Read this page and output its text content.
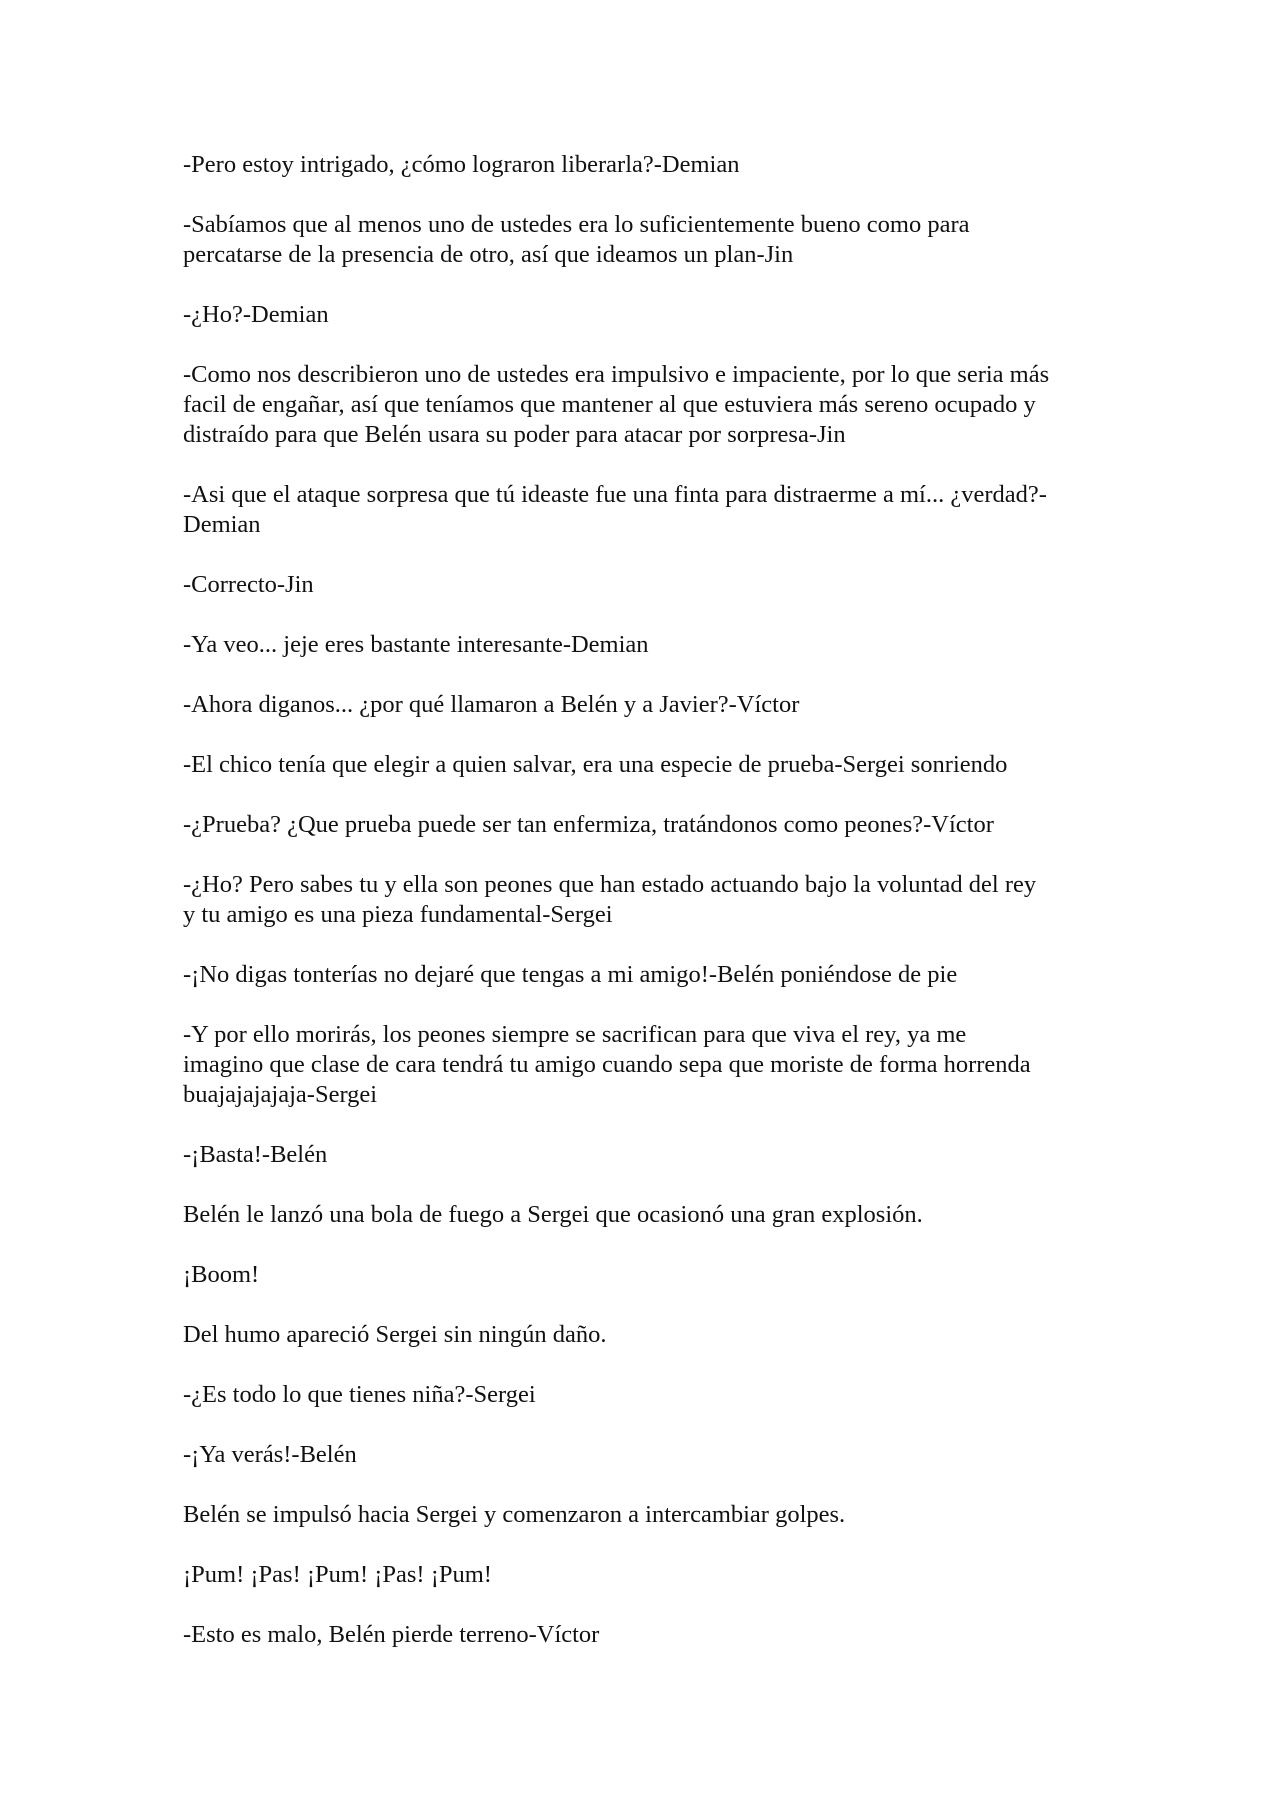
-Pero estoy intrigado, ¿cómo lograron liberarla?-Demian

-Sabíamos que al menos uno de ustedes era lo suficientemente bueno como para
percatarse de la presencia de otro, así que ideamos un plan-Jin

-¿Ho?-Demian

-Como nos describieron uno de ustedes era impulsivo e impaciente, por lo que seria más
facil de engañar, así que teníamos que mantener al que estuviera más sereno ocupado y
distraído para que Belén usara su poder para atacar por sorpresa-Jin

-Asi que el ataque sorpresa que tú ideaste fue una finta para distraerme a mí... ¿verdad?-
Demian

-Correcto-Jin

-Ya veo... jeje eres bastante interesante-Demian

-Ahora diganos... ¿por qué llamaron a Belén y a Javier?-Víctor

-El chico tenía que elegir a quien salvar, era una especie de prueba-Sergei sonriendo

-¿Prueba? ¿Que prueba puede ser tan enfermiza, tratándonos como peones?-Víctor

-¿Ho? Pero sabes tu y ella son peones que han estado actuando bajo la voluntad del rey
y tu amigo es una pieza fundamental-Sergei

-¡No digas tonterías no dejaré que tengas a mi amigo!-Belén poniéndose de pie

-Y por ello morirás, los peones siempre se sacrifican para que viva el rey, ya me
imagino que clase de cara tendrá tu amigo cuando sepa que moriste de forma horrenda
buajajajajaja-Sergei

-¡Basta!-Belén

Belén le lanzó una bola de fuego a Sergei que ocasionó una gran explosión.

¡Boom!

Del humo apareció Sergei sin ningún daño.

-¿Es todo lo que tienes niña?-Sergei

-¡Ya verás!-Belén

Belén se impulsó hacia Sergei y comenzaron a intercambiar golpes.

¡Pum! ¡Pas! ¡Pum! ¡Pas! ¡Pum!

-Esto es malo, Belén pierde terreno-Víctor
